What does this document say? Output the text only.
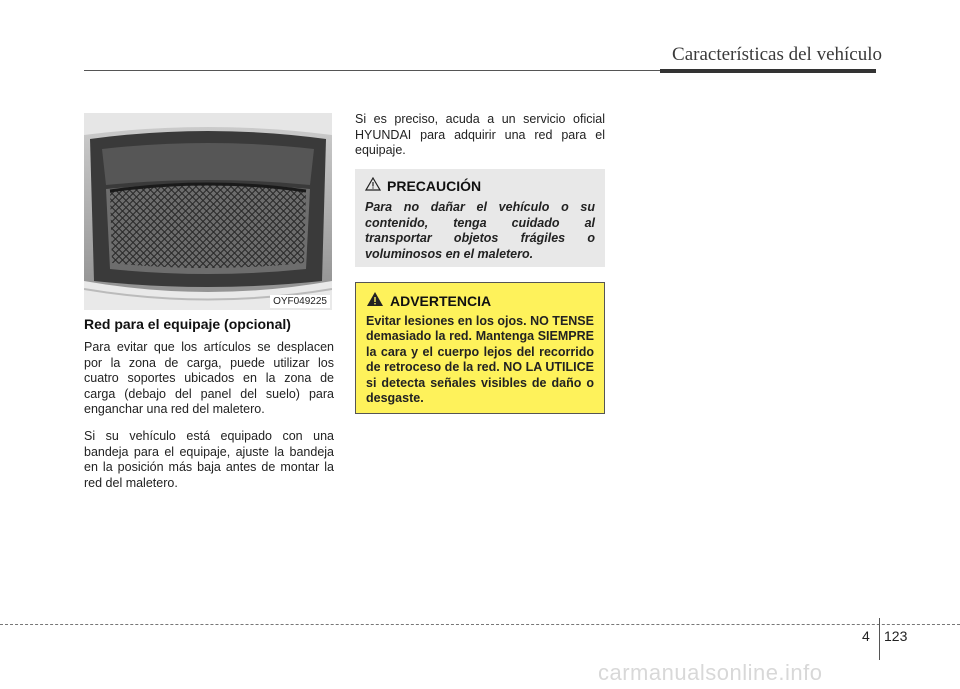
Características del vehículo
OYF049225
Red para el equipaje (opcional)

Para evitar que los artículos se desplacen por la zona de carga, puede utilizar los cuatro soportes ubicados en la zona de carga (debajo del panel del suelo) para enganchar una red del maletero.

Si su vehículo está equipado con una bandeja para el equipaje, ajuste la bandeja en la posición más baja antes de montar la red del maletero.

Si es preciso, acuda a un servicio oficial HYUNDAI para adquirir una red para el equipaje.

PRECAUCIÓN
Para no dañar el vehículo o su contenido, tenga cuidado al transportar objetos frágiles o voluminosos en el maletero.
ADVERTENCIA
Evitar lesiones en los ojos. NO TENSE demasiado la red. Mantenga SIEMPRE la cara y el cuerpo lejos del recorrido de retroceso de la red. NO LA UTILICE si detecta señales visibles de daño o desgaste.
4 123
carmanualsonline.info
